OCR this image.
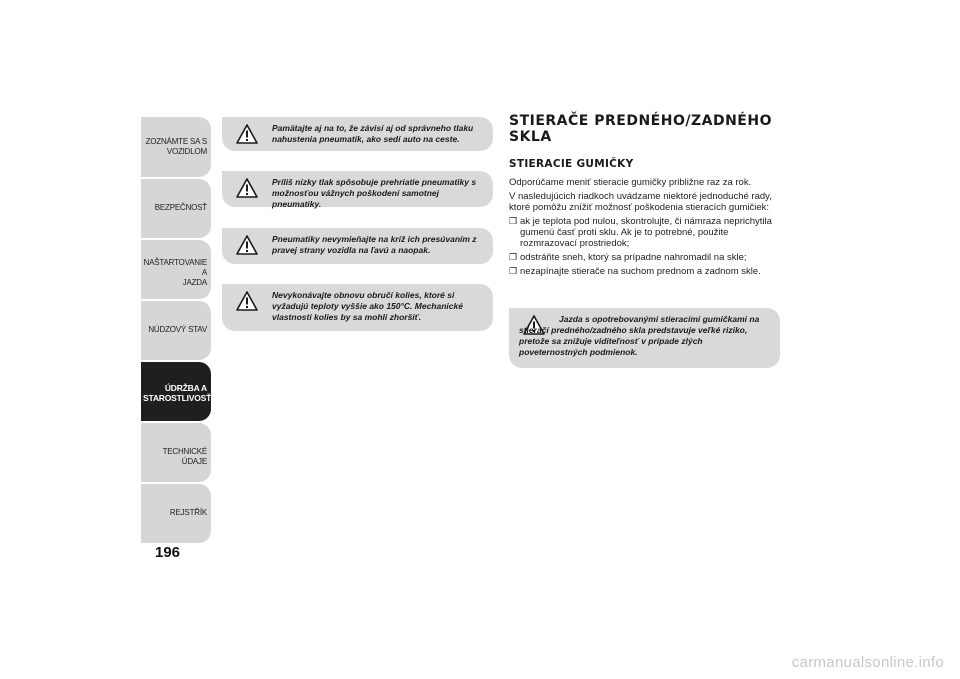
ZOZNÁMTE SA S
VOZIDLOM
BEZPEČNOSŤ
NAŠTARTOVANIE A
JAZDA
NÚDZOVÝ STAV
ÚDRŽBA A
STAROSTLIVOSŤ
TECHNICKÉ ÚDAJE
REJSTŘÍK
196
Pamätajte aj na to, že závisí aj od správneho tlaku nahustenia pneumatík, ako sedí auto na ceste.
Príliš nízky tlak spôsobuje prehriatie pneumatiky s možnosťou vážnych poškodení samotnej pneumatiky.
Pneumatiky nevymieňajte na kríž ich presúvaním z pravej strany vozidla na ľavú a naopak.
Nevykonávajte obnovu obručí kolies, ktoré si vyžadujú teploty vyššie ako 150°C. Mechanické vlastnosti kolies by sa mohli zhoršiť.
STIERAČE PREDNÉHO/ZADNÉHO SKLA
STIERACIE GUMIČKY

Odporúčame meniť stieracie gumičky približne raz za rok.

V nasledujúcich riadkoch uvádzame niektoré jednoduché rady, ktoré pomôžu znížiť možnosť poškodenia stieracích gumičiek:

❒ ak je teplota pod nulou, skontrolujte, či námraza neprichytila gumenú časť proti sklu. Ak je to potrebné, použite rozmrazovací prostriedok;
❒ odstráňte sneh, ktorý sa prípadne nahromadil na skle;
❒ nezapínajte stierače na suchom prednom a zadnom skle.
Jazda s opotrebovanými stieracími gumičkami na stieračí predného/zadného skla predstavuje veľké riziko, pretože sa znižuje viditeľnosť v prípade zlých poveternostných podmienok.
carmanualsonline.info
